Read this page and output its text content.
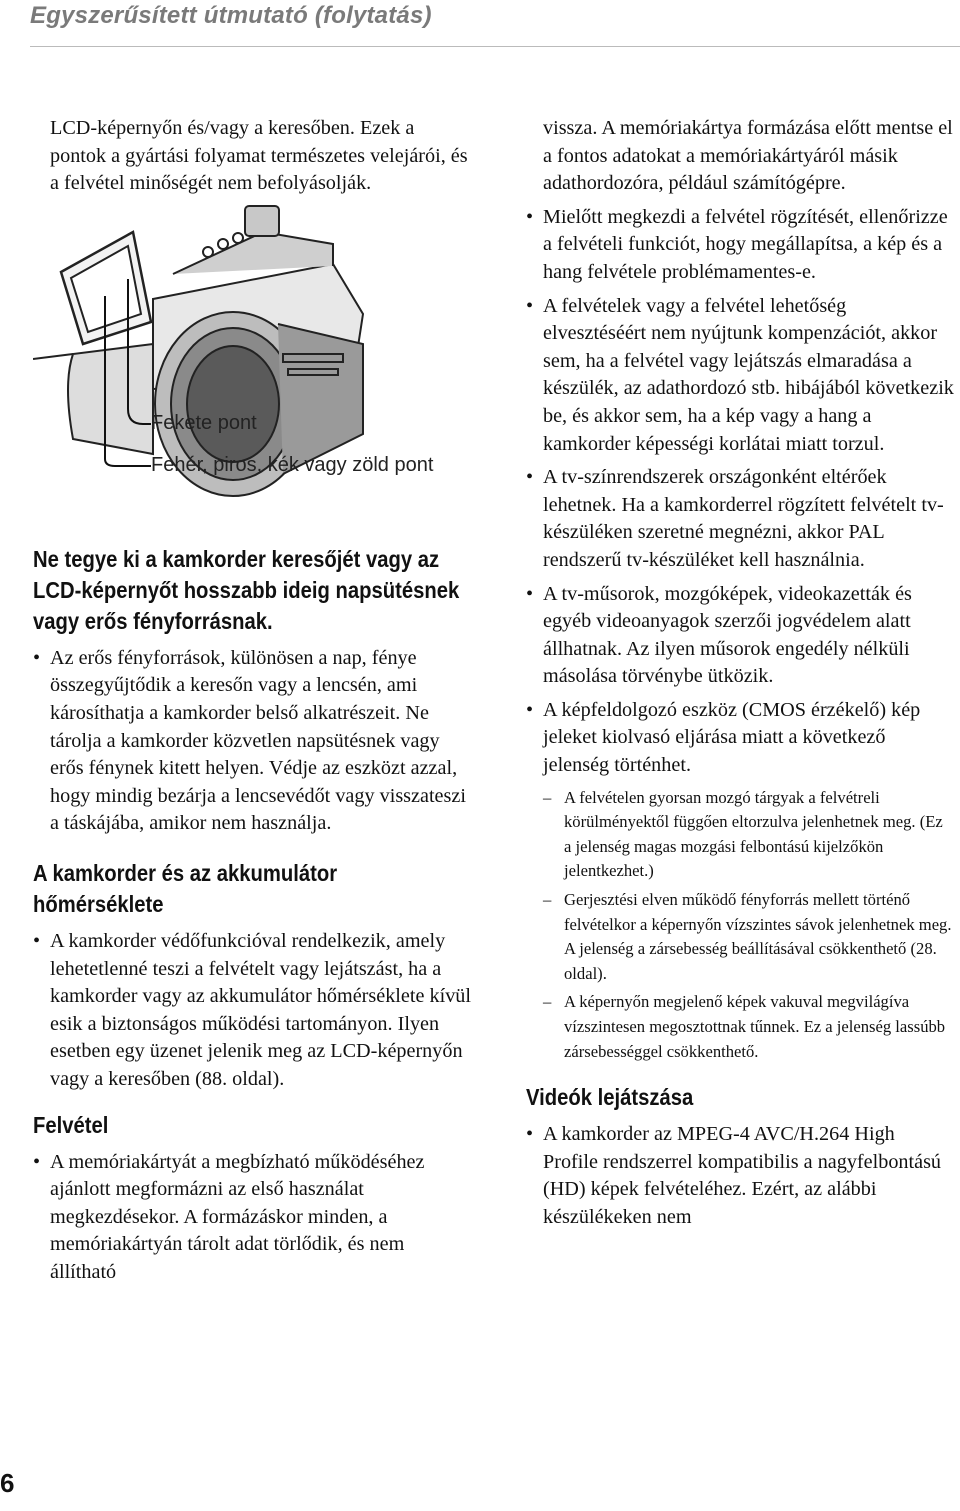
Egyszerűsített útmutató (folytatás)

LCD-képernyőn és/vagy a keresőben. Ezek a pontok a gyártási folyamat természetes velejárói, és a felvétel minőségét nem befolyásolják.

Fekete pont
Fehér, piros, kék vagy zöld pont
Ne tegye ki a kamkorder keresőjét vagy az LCD-képernyőt hosszabb ideig napsütésnek vagy erős fényforrásnak.
• Az erős fényforrások, különösen a nap, fénye összegyűjtődik a keresőn vagy a lencsén, ami károsíthatja a kamkorder belső alkatrészeit. Ne tárolja a kamkorder közvetlen napsütésnek vagy erős fénynek kitett helyen. Védje az eszközt azzal, hogy mindig bezárja a lencsevédőt vagy visszateszi a táskájába, amikor nem használja.
A kamkorder és az akkumulátor hőmérséklete
• A kamkorder védőfunkcióval rendelkezik, amely lehetetlenné teszi a felvételt vagy lejátszást, ha a kamkorder vagy az akkumulátor hőmérséklete kívül esik a biztonságos működési tartományon. Ilyen esetben egy üzenet jelenik meg az LCD-képernyőn vagy a keresőben (88. oldal).
Felvétel
• A memóriakártyát a megbízható működéséhez ajánlott megformázni az első használat megkezdésekor. A formázáskor minden, a memóriakártyán tárolt adat törlődik, és nem állítható

vissza. A memóriakártya formázása előtt mentse el a fontos adatokat a memóriakártyáról másik adathordozóra, például számítógépre.

• Mielőtt megkezdi a felvétel rögzítését, ellenőrizze a felvételi funkciót, hogy megállapítsa, a kép és a hang felvétele problémamentes-e.
• A felvételek vagy a felvétel lehetőség elvesztéséért nem nyújtunk kompenzációt, akkor sem, ha a felvétel vagy lejátszás elmaradása a készülék, az adathordozó stb. hibájából következik be, és akkor sem, ha a kép vagy a hang a kamkorder képességi korlátai miatt torzul.
• A tv-színrendszerek országonként eltérőek lehetnek. Ha a kamkorderrel rögzített felvételt tv-készüléken szeretné megnézni, akkor PAL rendszerű tv-készüléket kell használnia.
• A tv-műsorok, mozgóképek, videokazetták és egyéb videoanyagok szerzői jogvédelem alatt állhatnak. Az ilyen műsorok engedély nélküli másolása törvénybe ütközik.
• A képfeldolgozó eszköz (CMOS érzékelő) kép jeleket kiolvasó eljárása miatt a következő jelenség történhet.
– A felvételen gyorsan mozgó tárgyak a felvétreli körülményektől függően eltorzulva jelenhetnek meg. (Ez a jelenség magas mozgási felbontású kijelzőkön jelentkezhet.)
– Gerjesztési elven működő fényforrás mellett történő felvételkor a képernyőn vízszintes sávok jelenhetnek meg. A jelenség a zársebesség beállításával csökkenthető (28. oldal).
– A képernyőn megjelenő képek vakuval megvilágíva vízszintesen megosztottnak tűnnek. Ez a jelenség lassúbb zársebességgel csökkenthető.
Videók lejátszása
• A kamkorder az MPEG-4 AVC/H.264 High Profile rendszerrel kompatibilis a nagyfelbontású (HD) képek felvételéhez. Ezért, az alábbi készülékeken nem
6
